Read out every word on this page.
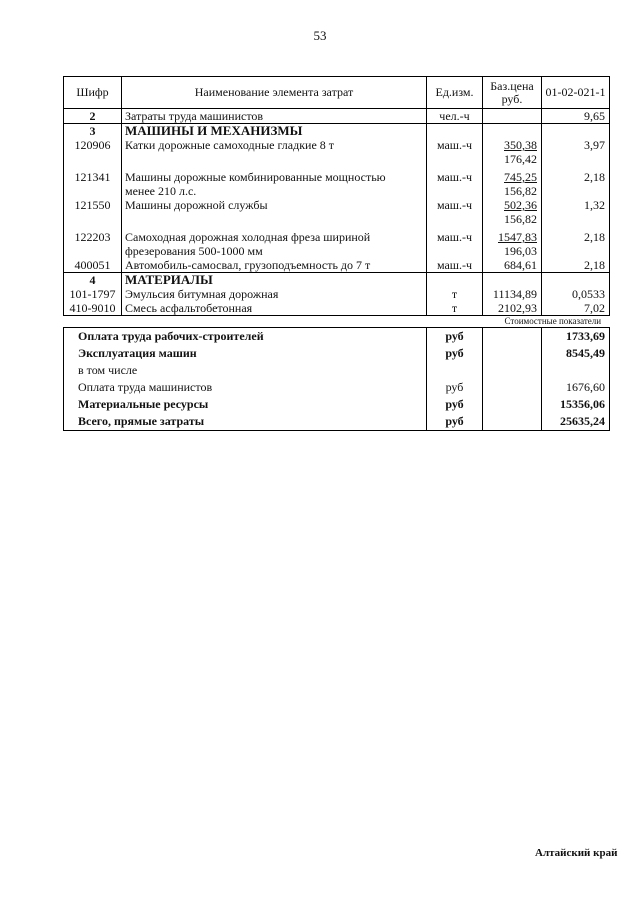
53
Шифр	Наименование элемента затрат	Ед.изм.	Баз.цена
руб.	01-02-021-1
2	Затраты труда машинистов	чел.-ч		9,65
3	МАШИНЫ И МЕХАНИЗМЫ			
120906	Катки дорожные самоходные гладкие 8 т	маш.-ч	350,38	3,97
			176,42	

121341	Машины дорожные комбинированные мощностью	маш.-ч	745,25	2,18
	менее 210 л.с.		156,82	
121550	Машины дорожной службы	маш.-ч	502,36	1,32
			156,82	

122203	Самоходная дорожная холодная фреза шириной	маш.-ч	1547,83	2,18
	фрезерования 500-1000 мм		196,03	
400051	Автомобиль-самосвал, грузоподъемность до 7 т	маш.-ч	684,61	2,18
4	МАТЕРИАЛЫ			
101-1797	Эмульсия битумная дорожная	т	11134,89	0,0533
410-9010	Смесь асфальтобетонная	т	2102,93	7,02
				Стоимостные показатели
Оплата труда рабочих-строителей		руб		1733,69
Эксплуатация машин		руб		8545,49
в том числе				
Оплата труда машинистов		руб		1676,60
Материальные ресурсы		руб		15356,06
Всего, прямые затраты		руб		25635,24
Алтайский край
